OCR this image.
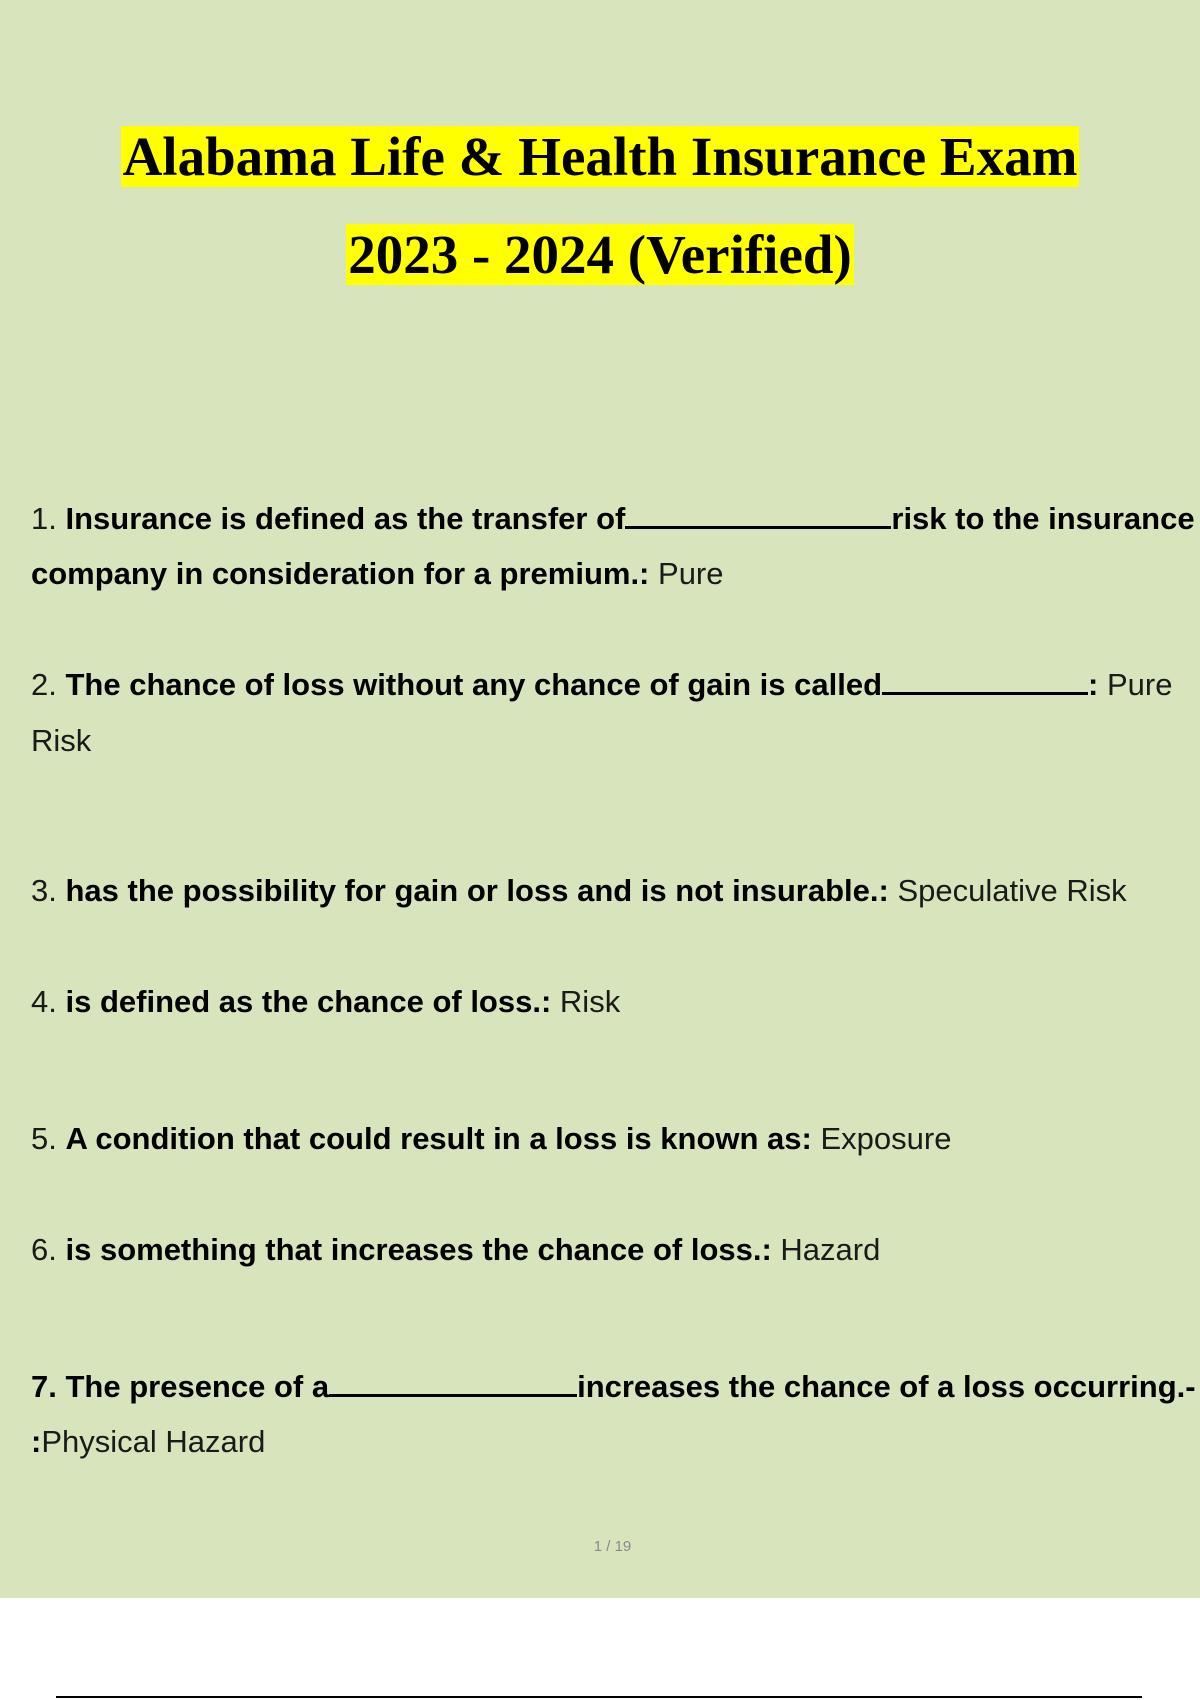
Alabama Life & Health Insurance Exam
2023 - 2024 (Verified)
1. Insurance is defined as the transfer of	risk to the insurance
company in consideration for a premium.: Pure
2. The chance of loss without any chance of gain is called	: Pure
Risk
3. has the possibility for gain or loss and is not insurable.: Speculative Risk
4. is defined as the chance of loss.: Risk
5. A condition that could result in a loss is known as: Exposure
6. is something that increases the chance of loss.: Hazard
7. The presence of a	increases the chance of a loss occurring.-
:Physical Hazard
1 / 19
